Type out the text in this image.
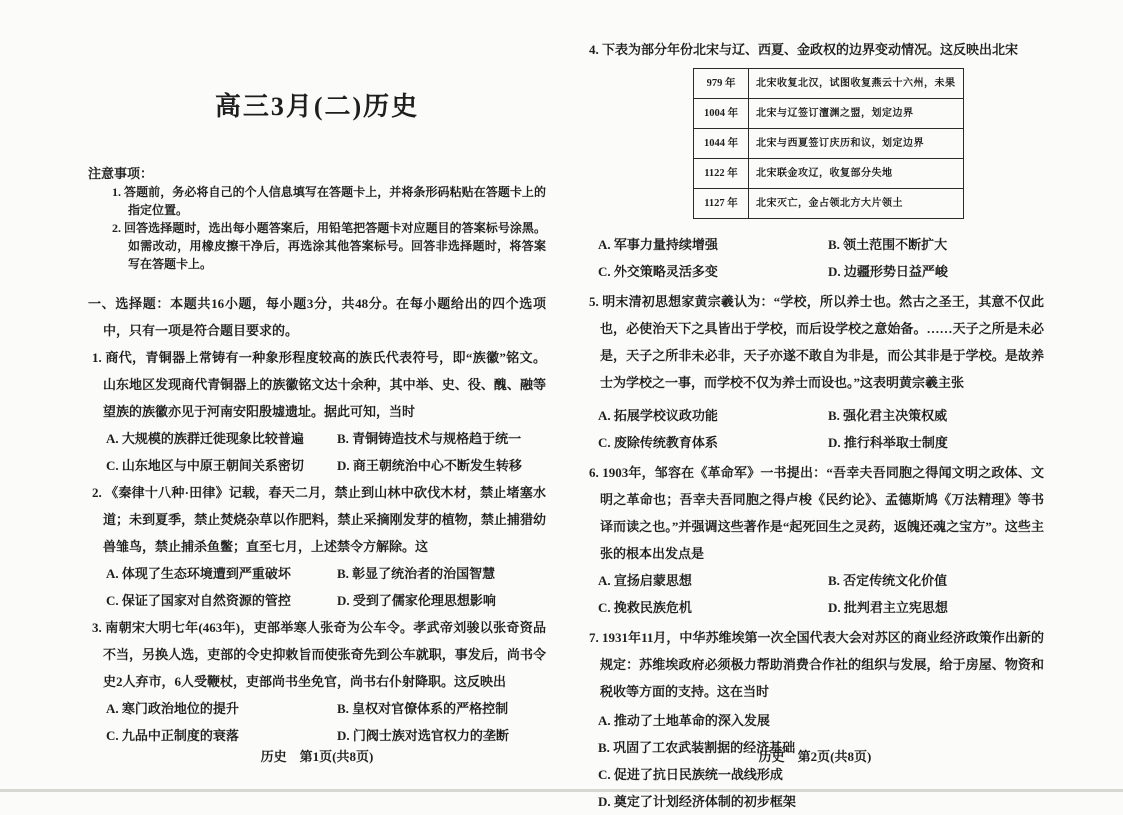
高三3月(二)历史
注意事项：
1. 答题前，务必将自己的个人信息填写在答题卡上，并将条形码粘贴在答题卡上的指定位置。
2. 回答选择题时，选出每小题答案后，用铅笔把答题卡对应题目的答案标号涂黑。如需改动，用橡皮擦干净后，再选涂其他答案标号。回答非选择题时，将答案写在答题卡上。
一、选择题：本题共16小题，每小题3分，共48分。在每小题给出的四个选项中，只有一项是符合题目要求的。
1. 商代，青铜器上常铸有一种象形程度较高的族氏代表符号，即“族徽”铭文。山东地区发现商代青铜器上的族徽铭文达十余种，其中举、史、役、醜、融等望族的族徽亦见于河南安阳殷墟遗址。据此可知，当时
A. 大规模的族群迁徙现象比较普遍	B. 青铜铸造技术与规格趋于统一
C. 山东地区与中原王朝间关系密切	D. 商王朝统治中心不断发生转移
2. 《秦律十八种·田律》记载，春天二月，禁止到山林中砍伐木材，禁止堵塞水道；未到夏季，禁止焚烧杂草以作肥料，禁止采摘刚发芽的植物，禁止捕猎幼兽雏鸟，禁止捕杀鱼鳖；直至七月，上述禁令方解除。这
A. 体现了生态环境遭到严重破坏	B. 彰显了统治者的治国智慧
C. 保证了国家对自然资源的管控	D. 受到了儒家伦理思想影响
3. 南朝宋大明七年(463年)，吏部举寒人张奇为公车令。孝武帝刘骏以张奇资品不当，另换人选，吏部的令史抑敕旨而使张奇先到公车就职，事发后，尚书令史2人弃市，6人受鞭杖，吏部尚书坐免官，尚书右仆射降职。这反映出
A. 寒门政治地位的提升	B. 皇权对官僚体系的严格控制
C. 九品中正制度的衰落	D. 门阀士族对选官权力的垄断
4. 下表为部分年份北宋与辽、西夏、金政权的边界变动情况。这反映出北宋
979 年	北宋收复北汉，试图收复燕云十六州，未果
1004 年	北宋与辽签订澶渊之盟，划定边界
1044 年	北宋与西夏签订庆历和议，划定边界
1122 年	北宋联金攻辽，收复部分失地
1127 年	北宋灭亡，金占领北方大片领土
A. 军事力量持续增强	B. 领土范围不断扩大
C. 外交策略灵活多变	D. 边疆形势日益严峻
5. 明末清初思想家黄宗羲认为：“学校，所以养士也。然古之圣王，其意不仅此也，必使治天下之具皆出于学校，而后设学校之意始备。……天子之所是未必是，天子之所非未必非，天子亦遂不敢自为非是，而公其非是于学校。是故养士为学校之一事，而学校不仅为养士而设也。”这表明黄宗羲主张
A. 拓展学校议政功能	B. 强化君主决策权威
C. 废除传统教育体系	D. 推行科举取士制度
6. 1903年，邹容在《革命军》一书提出：“吾幸夫吾同胞之得闻文明之政体、文明之革命也；吾幸夫吾同胞之得卢梭《民约论》、孟德斯鸠《万法精理》等书译而读之也。”并强调这些著作是“起死回生之灵药，返魄还魂之宝方”。这些主张的根本出发点是
A. 宣扬启蒙思想	B. 否定传统文化价值
C. 挽救民族危机	D. 批判君主立宪思想
7. 1931年11月，中华苏维埃第一次全国代表大会对苏区的商业经济政策作出新的规定：苏维埃政府必须极力帮助消费合作社的组织与发展，给于房屋、物资和税收等方面的支持。这在当时
A. 推动了土地革命的深入发展
B. 巩固了工农武装割据的经济基础
C. 促进了抗日民族统一战线形成
D. 奠定了计划经济体制的初步框架
历史　第1页(共8页)	历史　第2页(共8页)
